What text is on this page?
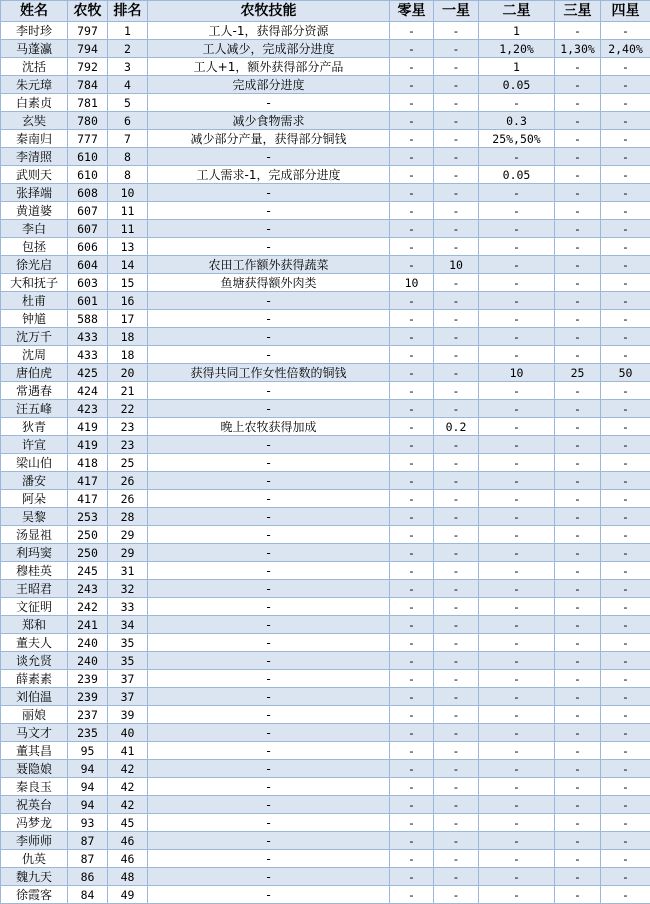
姓名	农牧	排名	农牧技能	零星	一星	二星	三星	四星
李时珍	797	1	工人-1，获得部分资源	-	-	1	-	-
马蓬瀛	794	2	工人减少，完成部分进度	-	-	1,20%	1,30%	2,40%
沈括	792	3	工人+1，额外获得部分产品	-	-	1	-	-
朱元璋	784	4	完成部分进度	-	-	0.05	-	-
白素贞	781	5	-	-	-	-	-	-
玄奘	780	6	减少食物需求	-	-	0.3	-	-
秦南归	777	7	减少部分产量，获得部分铜钱	-	-	25%,50%	-	-
李清照	610	8	-	-	-	-	-	-
武则天	610	8	工人需求-1，完成部分进度	-	-	0.05	-	-
张择端	608	10	-	-	-	-	-	-
黄道婆	607	11	-	-	-	-	-	-
李白	607	11	-	-	-	-	-	-
包拯	606	13	-	-	-	-	-	-
徐光启	604	14	农田工作额外获得蔬菜	-	10	-	-	-
大和抚子	603	15	鱼塘获得额外肉类	10	-	-	-	-
杜甫	601	16	-	-	-	-	-	-
钟馗	588	17	-	-	-	-	-	-
沈万千	433	18	-	-	-	-	-	-
沈周	433	18	-	-	-	-	-	-
唐伯虎	425	20	获得共同工作女性倍数的铜钱	-	-	10	25	50
常遇春	424	21	-	-	-	-	-	-
汪五峰	423	22	-	-	-	-	-	-
狄青	419	23	晚上农牧获得加成	-	0.2	-	-	-
许宣	419	23	-	-	-	-	-	-
梁山伯	418	25	-	-	-	-	-	-
潘安	417	26	-	-	-	-	-	-
阿朵	417	26	-	-	-	-	-	-
吴黎	253	28	-	-	-	-	-	-
汤显祖	250	29	-	-	-	-	-	-
利玛窦	250	29	-	-	-	-	-	-
穆桂英	245	31	-	-	-	-	-	-
王昭君	243	32	-	-	-	-	-	-
文征明	242	33	-	-	-	-	-	-
郑和	241	34	-	-	-	-	-	-
董夫人	240	35	-	-	-	-	-	-
谈允贤	240	35	-	-	-	-	-	-
薛素素	239	37	-	-	-	-	-	-
刘伯温	239	37	-	-	-	-	-	-
丽娘	237	39	-	-	-	-	-	-
马文才	235	40	-	-	-	-	-	-
董其昌	95	41	-	-	-	-	-	-
聂隐娘	94	42	-	-	-	-	-	-
秦良玉	94	42	-	-	-	-	-	-
祝英台	94	42	-	-	-	-	-	-
冯梦龙	93	45	-	-	-	-	-	-
李师师	87	46	-	-	-	-	-	-
仇英	87	46	-	-	-	-	-	-
魏九天	86	48	-	-	-	-	-	-
徐霞客	84	49	-	-	-	-	-	-
